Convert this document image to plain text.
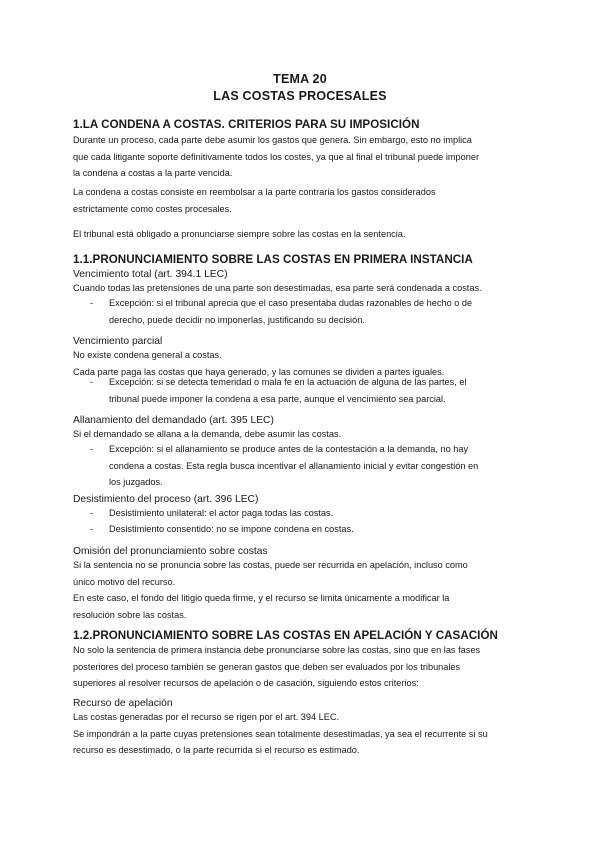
TEMA 20
LAS COSTAS PROCESALES
1.LA CONDENA A COSTAS. CRITERIOS PARA SU IMPOSICIÓN
Durante un proceso, cada parte debe asumir los gastos que genera. Sin embargo, esto no implica
que cada litigante soporte definitivamente todos los costes, ya que al final el tribunal puede imponer
la condena a costas a la parte vencida.
La condena a costas consiste en reembolsar a la parte contraria los gastos considerados
estrictamente como costes procesales.
El tribunal está obligado a pronunciarse siempre sobre las costas en la sentencia.
1.1.PRONUNCIAMIENTO SOBRE LAS COSTAS EN PRIMERA INSTANCIA
Vencimiento total (art. 394.1 LEC)
Cuando todas las pretensiones de una parte son desestimadas, esa parte será condenada a costas.
- Excepción: si el tribunal aprecia que el caso presentaba dudas razonables de hecho o de
derecho, puede decidir no imponerlas, justificando su decisión.
Vencimiento parcial
No existe condena general a costas.
Cada parte paga las costas que haya generado, y las comunes se dividen a partes iguales.
- Excepción: si se detecta temeridad o mala fe en la actuación de alguna de las partes, el
tribunal puede imponer la condena a esa parte, aunque el vencimiento sea parcial.
Allanamiento del demandado (art. 395 LEC)
Si el demandado se allana a la demanda, debe asumir las costas.
- Excepción: si el allanamiento se produce antes de la contestación a la demanda, no hay
condena a costas. Esta regla busca incentivar el allanamiento inicial y evitar congestión en
los juzgados.
Desistimiento del proceso (art. 396 LEC)
- Desistimiento unilateral: el actor paga todas las costas.
- Desistimiento consentido: no se impone condena en costas.
Omisión del pronunciamiento sobre costas
Si la sentencia no se pronuncia sobre las costas, puede ser recurrida en apelación, incluso como
único motivo del recurso.
En este caso, el fondo del litigio queda firme, y el recurso se limita únicamente a modificar la
resolución sobre las costas.
1.2.PRONUNCIAMIENTO SOBRE LAS COSTAS EN APELACIÓN Y CASACIÓN
No solo la sentencia de primera instancia debe pronunciarse sobre las costas, sino que en las fases
posteriores del proceso también se generan gastos que deben ser evaluados por los tribunales
superiores al resolver recursos de apelación o de casación, siguiendo estos criterios:
Recurso de apelación
Las costas generadas por el recurso se rigen por el art. 394 LEC.
Se impondrán a la parte cuyas pretensiones sean totalmente desestimadas, ya sea el recurrente si su
recurso es desestimado, o la parte recurrida si el recurso es estimado.
